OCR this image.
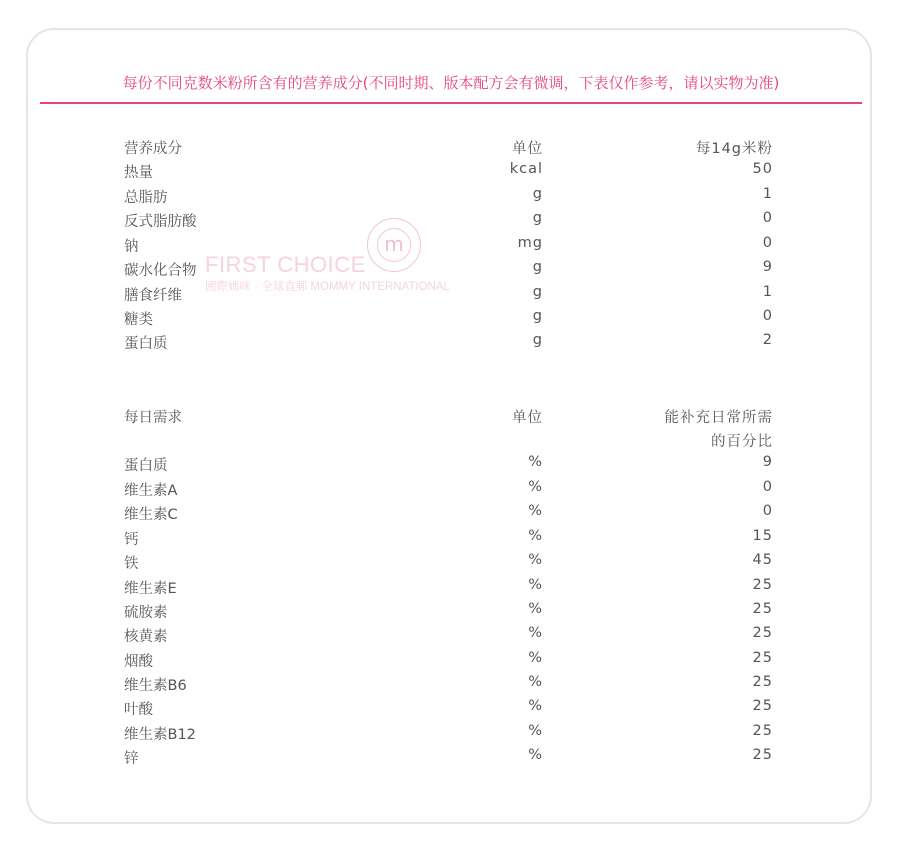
每份不同克数米粉所含有的营养成分(不同时期、版本配方会有微调，下表仅作参考，请以实物为准)
m
FIRST CHOICE
國際媽咪 · 全球直郵 MOMMY INTERNATIONAL
营养成分	单位	每14g米粉
热量	kcal	50
总脂肪	g	1
反式脂肪酸	g	0
钠	mg	0
碳水化合物	g	9
膳食纤维	g	1
糖类	g	0
蛋白质	g	2
每日需求	单位	能补充日常所需
的百分比
蛋白质	%	9
维生素A	%	0
维生素C	%	0
钙	%	15
铁	%	45
维生素E	%	25
硫胺素	%	25
核黄素	%	25
烟酸	%	25
维生素B6	%	25
叶酸	%	25
维生素B12	%	25
锌	%	25
